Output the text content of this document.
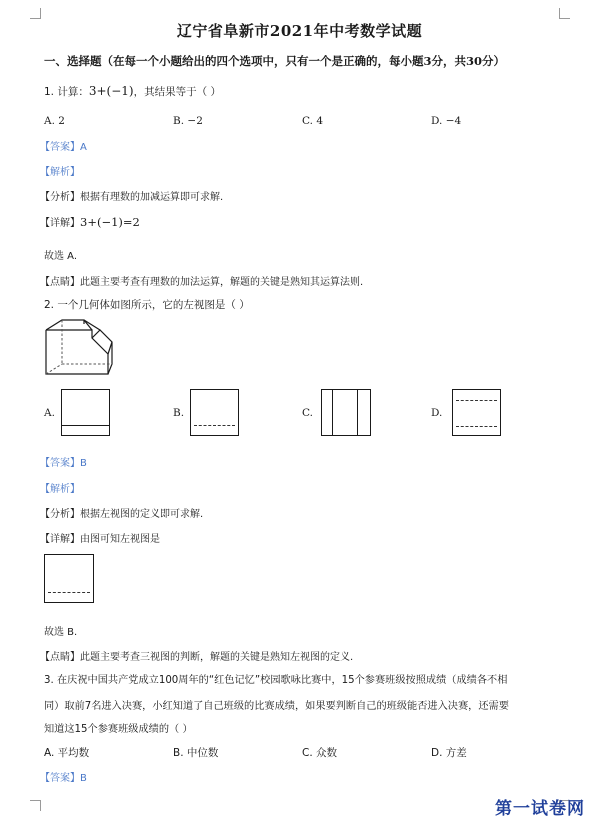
辽宁省阜新市2021年中考数学试题
一、选择题（在每一个小题给出的四个选项中，只有一个是正确的，每小题3分，共30分）
1. 计算：3+(−1)，其结果等于（ ）
A. 2	B. −2	C. 4	D. −4
【答案】A
【解析】
【分析】根据有理数的加减运算即可求解.
【详解】3+(−1)=2
故选 A.
【点睛】此题主要考查有理数的加法运算，解题的关键是熟知其运算法则.
2. 一个几何体如图所示，它的左视图是（ ）
A.	B.	C.	D.
【答案】B
【解析】
【分析】根据左视图的定义即可求解.
【详解】由图可知左视图是
故选 B.
【点睛】此题主要考查三视图的判断，解题的关键是熟知左视图的定义.
3. 在庆祝中国共产党成立100周年的“红色记忆”校园歌咏比赛中，15个参赛班级按照成绩（成绩各不相
同）取前7名进入决赛，小红知道了自己班级的比赛成绩，如果要判断自己的班级能否进入决赛，还需要
知道这15个参赛班级成绩的（ ）
A. 平均数	B. 中位数	C. 众数	D. 方差
【答案】B
第一试卷网
